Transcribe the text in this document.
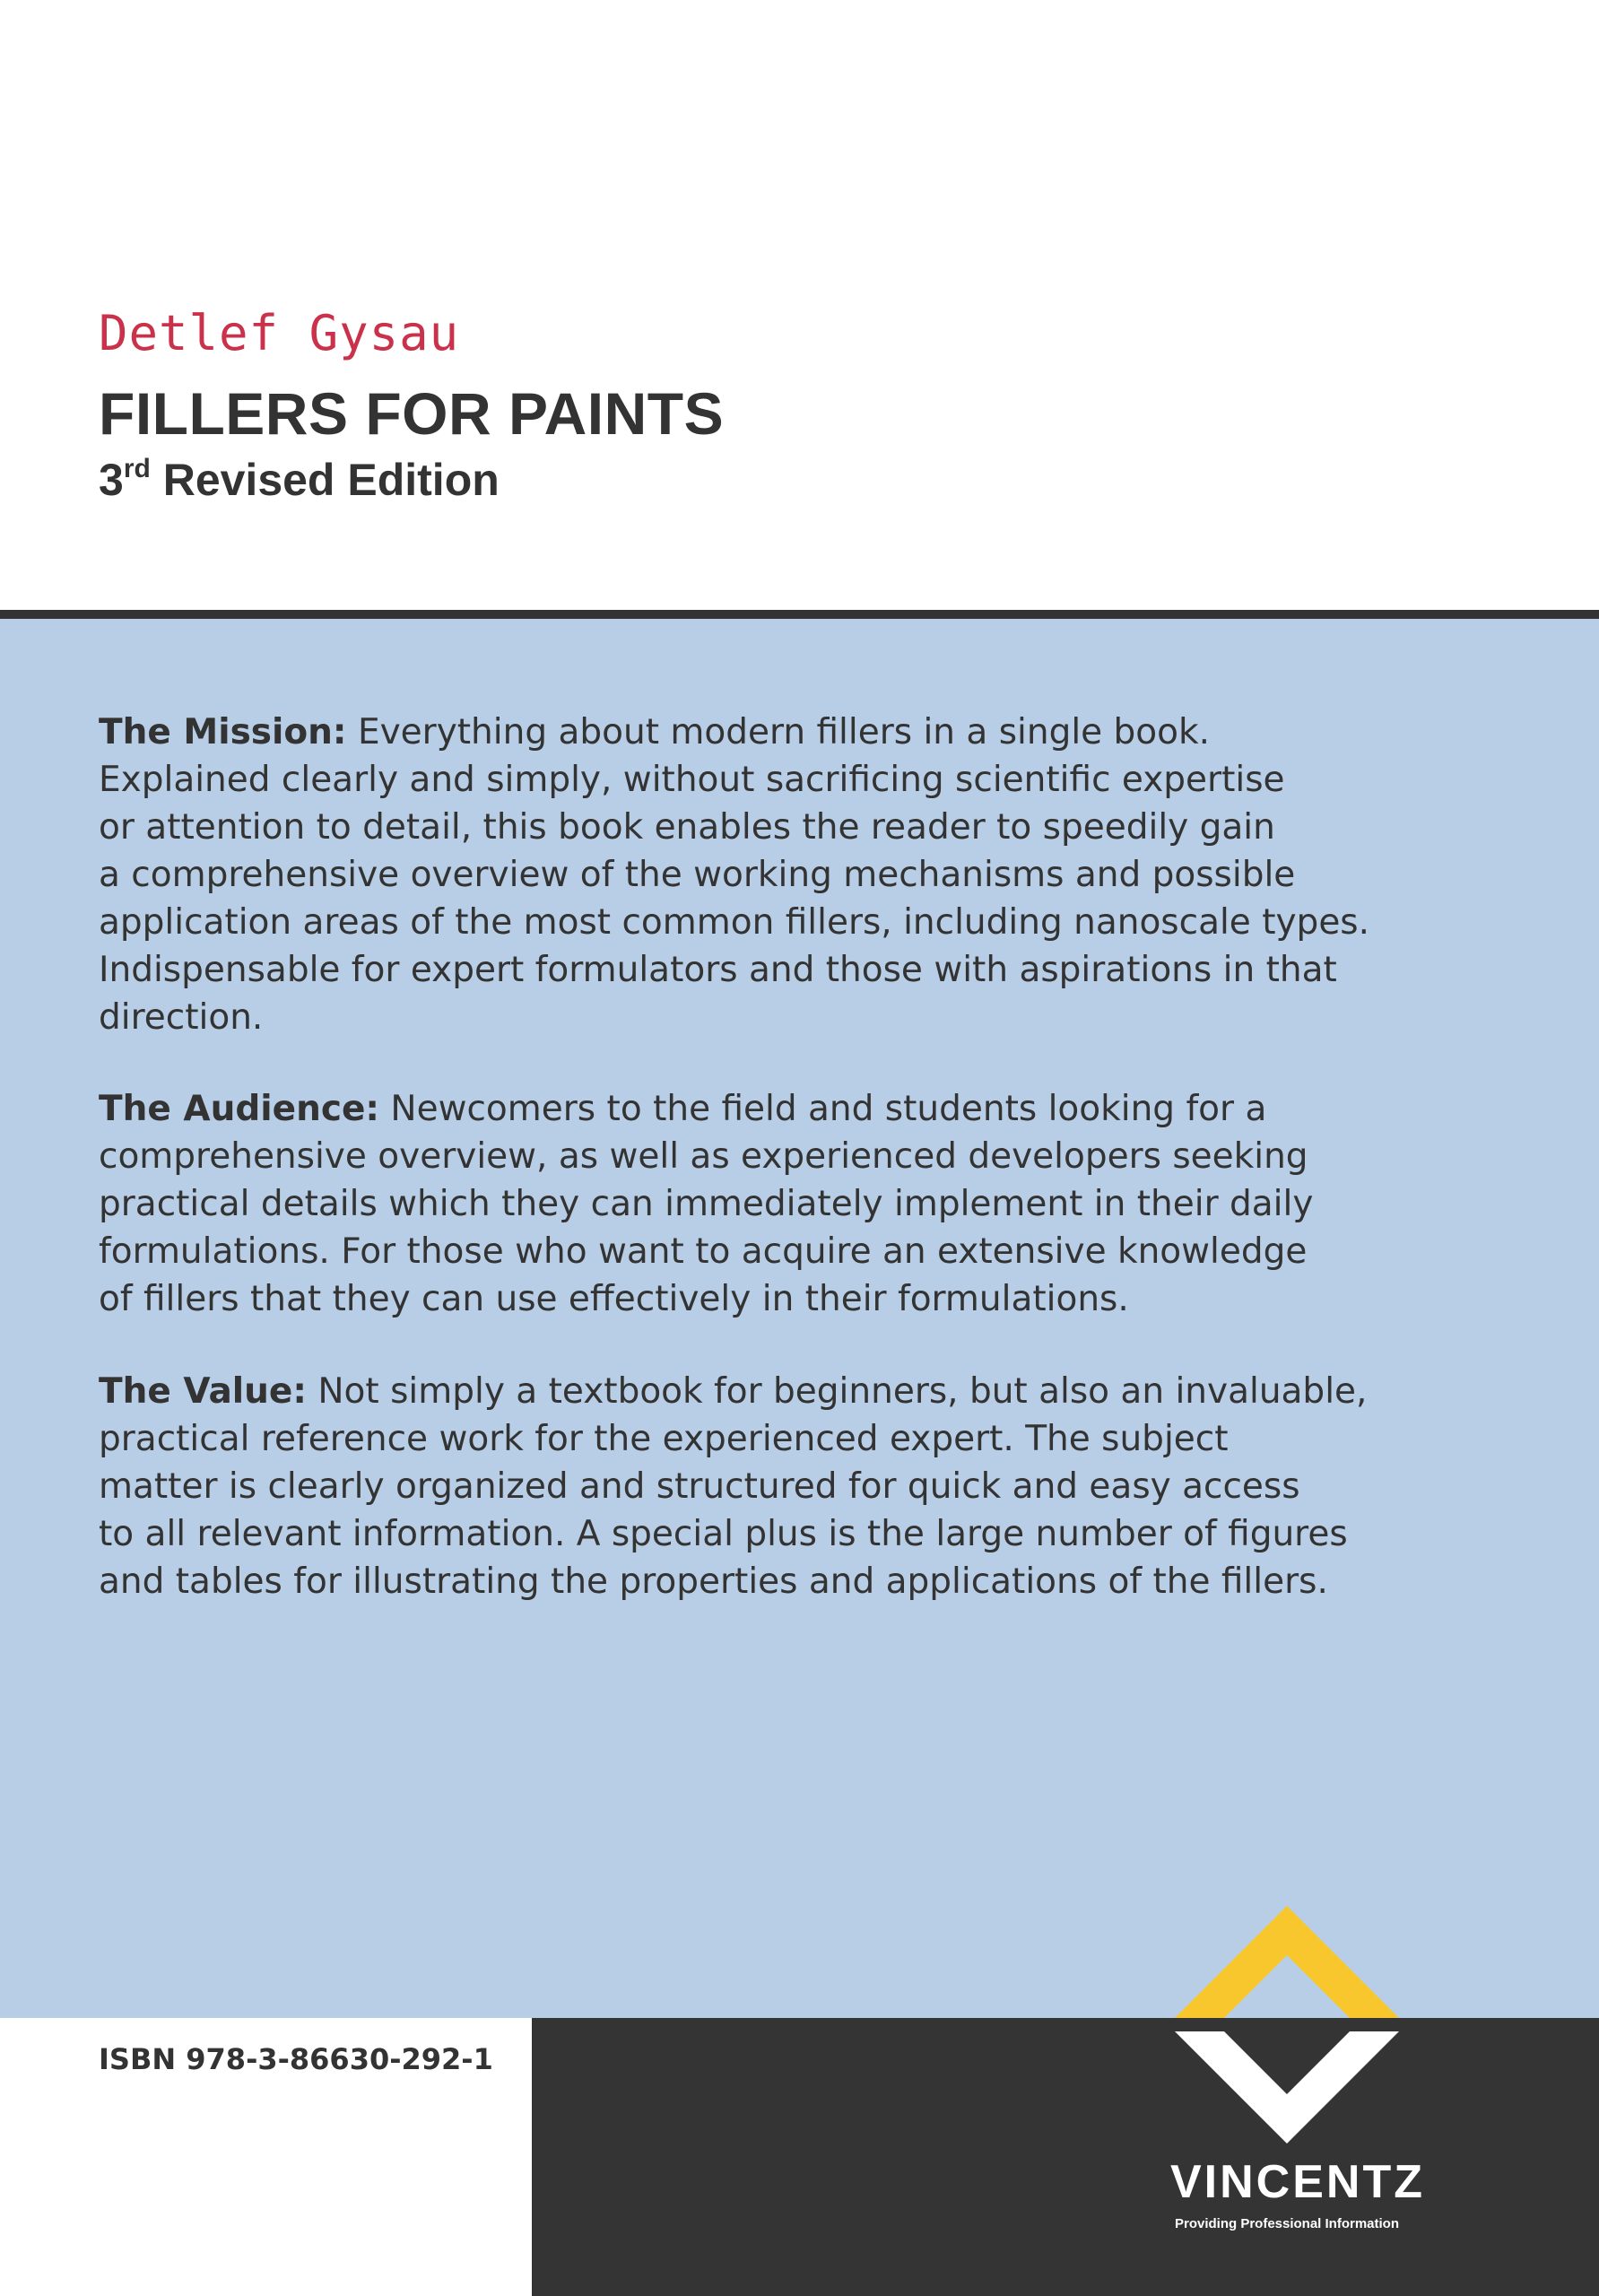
Detlef Gysau
FILLERS FOR PAINTS
3rd Revised Edition
The Mission: Everything about modern fillers in a single book.
Explained clearly and simply, without sacrificing scientific expertise
or attention to detail, this book enables the reader to speedily gain
a comprehensive overview of the working mechanisms and possible
application areas of the most common fillers, including nanoscale types.
Indispensable for expert formulators and those with aspirations in that
direction.
The Audience: Newcomers to the field and students looking for a
comprehensive overview, as well as experienced developers seeking
practical details which they can immediately implement in their daily
formulations. For those who want to acquire an extensive knowledge
of fillers that they can use effectively in their formulations.
The Value: Not simply a textbook for beginners, but also an invaluable,
practical reference work for the experienced expert. The subject
matter is clearly organized and structured for quick and easy access
to all relevant information. A special plus is the large number of figures
and tables for illustrating the properties and applications of the fillers.
ISBN 978-3-86630-292-1
VINCENTZ
Providing Professional Information
